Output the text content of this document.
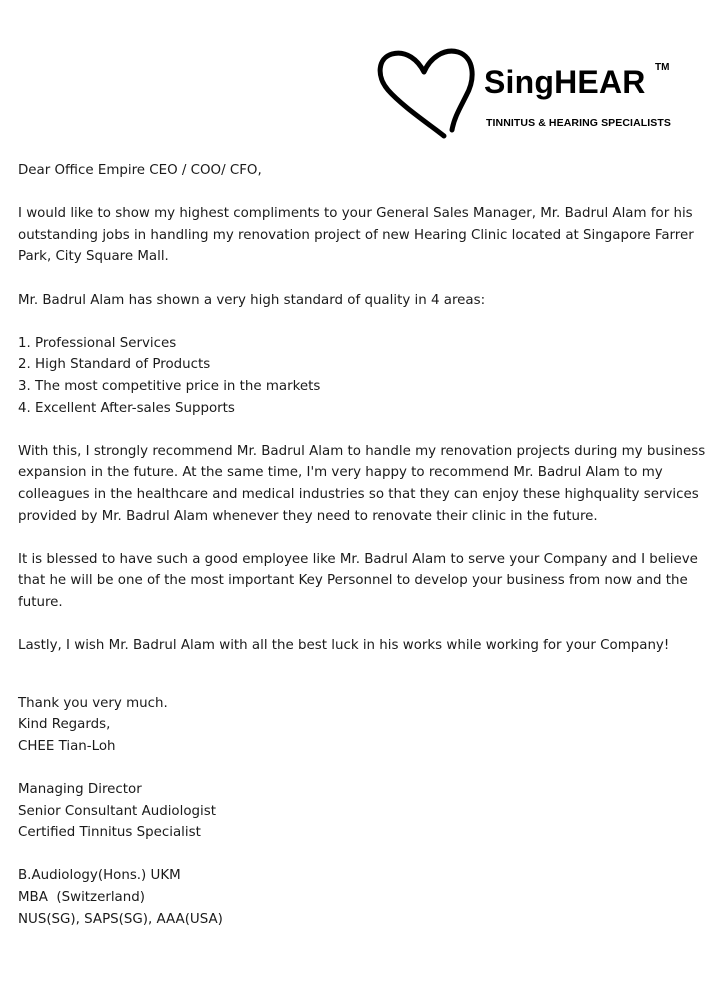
SingHEAR TM
TINNITUS & HEARING SPECIALISTS

Dear Office Empire CEO / COO/ CFO,

I would like to show my highest compliments to your General Sales Manager, Mr. Badrul Alam for his outstanding jobs in handling my renovation project of new Hearing Clinic located at Singapore Farrer Park, City Square Mall.

Mr. Badrul Alam has shown a very high standard of quality in 4 areas:

1. Professional Services

2. High Standard of Products

3. The most competitive price in the markets

4. Excellent After-sales Supports

With this, I strongly recommend Mr. Badrul Alam to handle my renovation projects during my business expansion in the future. At the same time, I'm very happy to recommend Mr. Badrul Alam to my colleagues in the healthcare and medical industries so that they can enjoy these highquality services provided by Mr. Badrul Alam whenever they need to renovate their clinic in the future.

It is blessed to have such a good employee like Mr. Badrul Alam to serve your Company and I believe that he will be one of the most important Key Personnel to develop your business from now and the future.

Lastly, I wish Mr. Badrul Alam with all the best luck in his works while working for your Company!

Thank you very much.

Kind Regards,

CHEE Tian-Loh

Managing Director

Senior Consultant Audiologist

Certified Tinnitus Specialist

B.Audiology(Hons.) UKM

MBA  (Switzerland)

NUS(SG), SAPS(SG), AAA(USA)
